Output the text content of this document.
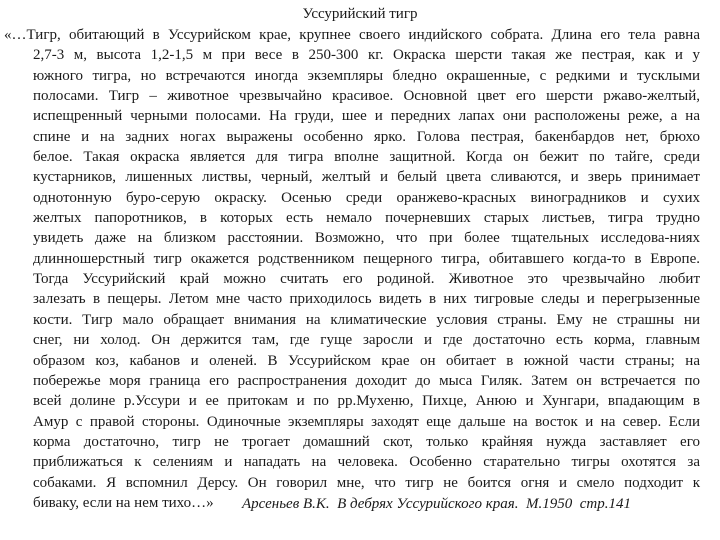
Уссурийский тигр
«…Тигр, обитающий в Уссурийском крае, крупнее своего индийского собрата. Длина его тела равна
2,7-3 м, высота 1,2-1,5 м при весе в 250-300 кг. Окраска шерсти такая же пестрая, как и у
южного тигра, но встречаются иногда экземпляры бледно окрашенные, с редкими и тусклыми
полосами. Тигр – животное чрезвычайно красивое. Основной цвет его шерсти ржаво-желтый,
испещренный черными полосами. На груди, шее и передних лапах они расположены реже, а на
спине и на задних ногах выражены особенно ярко. Голова пестрая, бакенбардов нет, брюхо
белое. Такая окраска является для тигра вполне защитной. Когда он бежит по тайге, среди
кустарников, лишенных листвы, черный, желтый и белый цвета сливаются, и зверь принимает
однотонную буро-серую окраску. Осенью среди оранжево-красных виноградников и сухих
желтых папоротников, в которых есть немало почерневших старых листьев, тигра трудно
увидеть даже на близком расстоянии. Возможно, что при более тщательных исследова-ниях
длинношерстный тигр окажется родственником пещерного тигра, обитавшего когда-то в Европе.
Тогда Уссурийский край можно считать его родиной. Животное это чрезвычайно любит
залезать в пещеры. Летом мне часто приходилось видеть в них тигровые следы и перегрызенные
кости. Тигр мало обращает внимания на климатические условия страны. Ему не страшны ни
снег, ни холод. Он держится там, где гуще заросли и где достаточно есть корма, главным
образом коз, кабанов и оленей. В Уссурийском крае он обитает в южной части страны; на
побережье моря граница его распространения доходит до мыса Гиляк. Затем он встречается по
всей долине р.Уссури и ее притокам и по рр.Мухеню, Пихце, Анюю и Хунгари, впадающим в
Амур с правой стороны. Одиночные экземпляры заходят еще дальше на восток и на север. Если
корма достаточно, тигр не трогает домашний скот, только крайняя нужда заставляет его
приближаться к селениям и нападать на человека. Особенно старательно тигры охотятся за
собаками. Я вспомнил Дерсу. Он говорил мне, что тигр не боится огня и смело подходит к
биваку, если на нем тихо…»	Арсеньев В.К.  В дебрях Уссурийского края.  М.1950  стр.141
